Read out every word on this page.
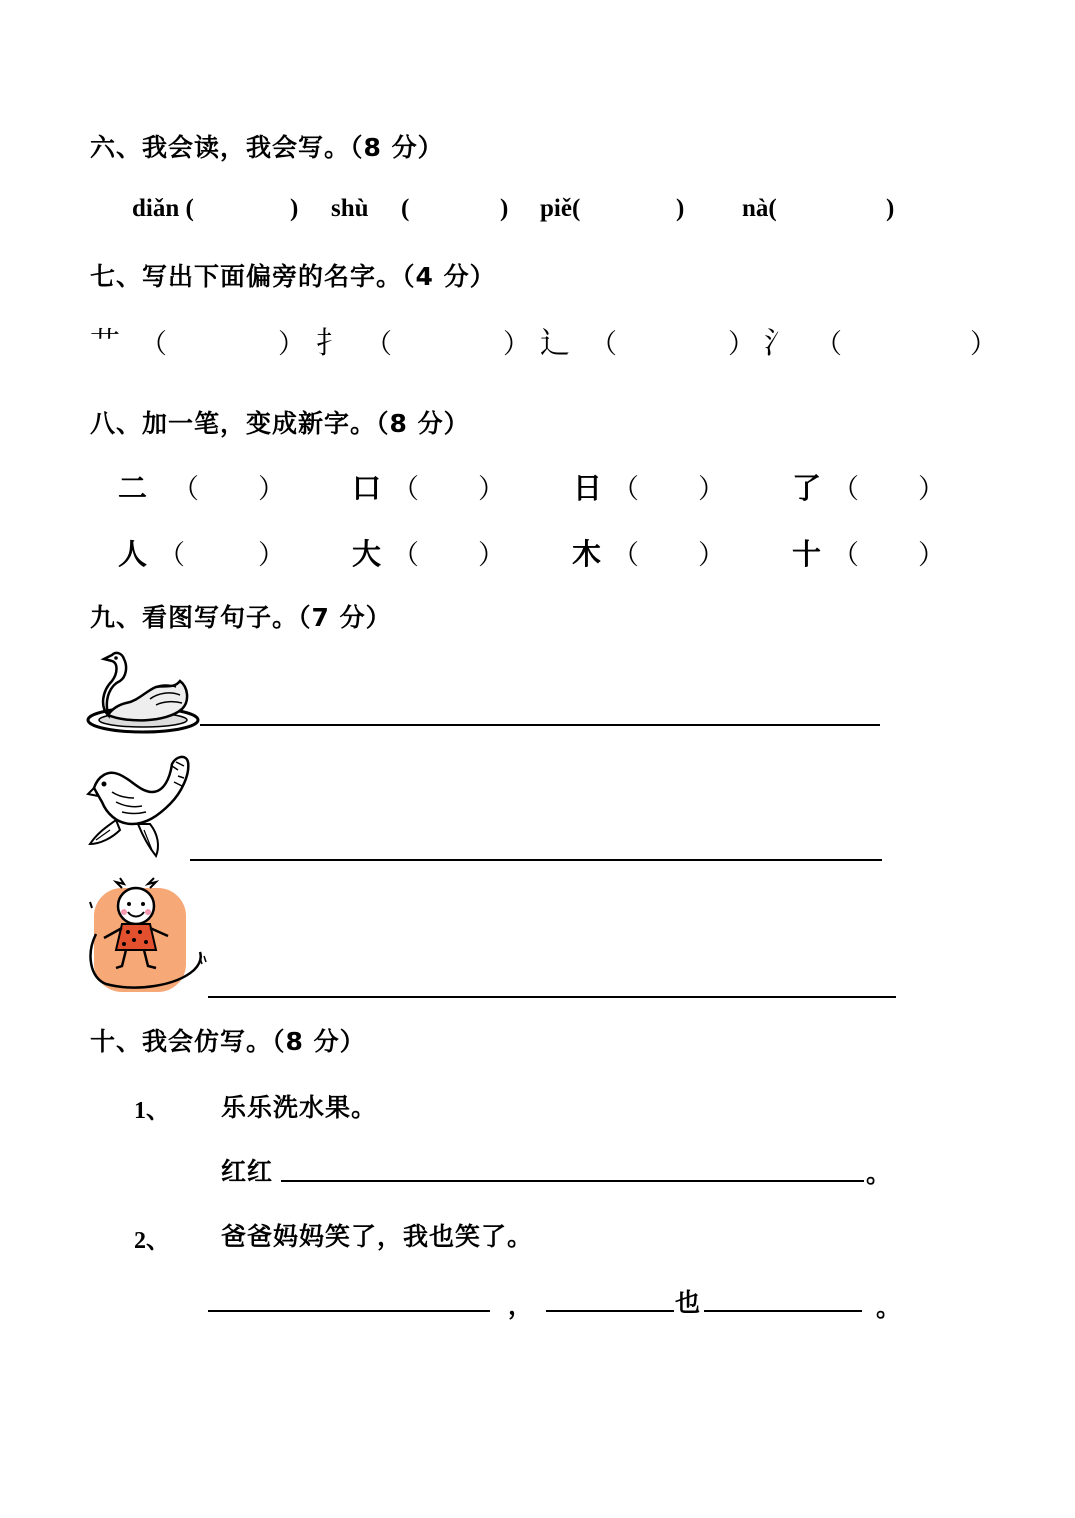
六、我会读，我会写。（8 分）
diǎn (	) shù (	) piě(	) nà(	)
七、写出下面偏旁的名字。（4 分）
艹 （	） 扌 （	） 辶 （	） 氵 （	）
八、加一笔，变成新字。（8 分）
二 （ ） 口 （ ） 日 （ ） 了 （ ）
人 （	） 大 （ ） 木 （ ） 十 （ ）
九、看图写句子。（7 分）
十、我会仿写。（8 分）
1、 乐乐洗水果。
红红	。
2、 爸爸妈妈笑了，我也笑了。
，	也	。
